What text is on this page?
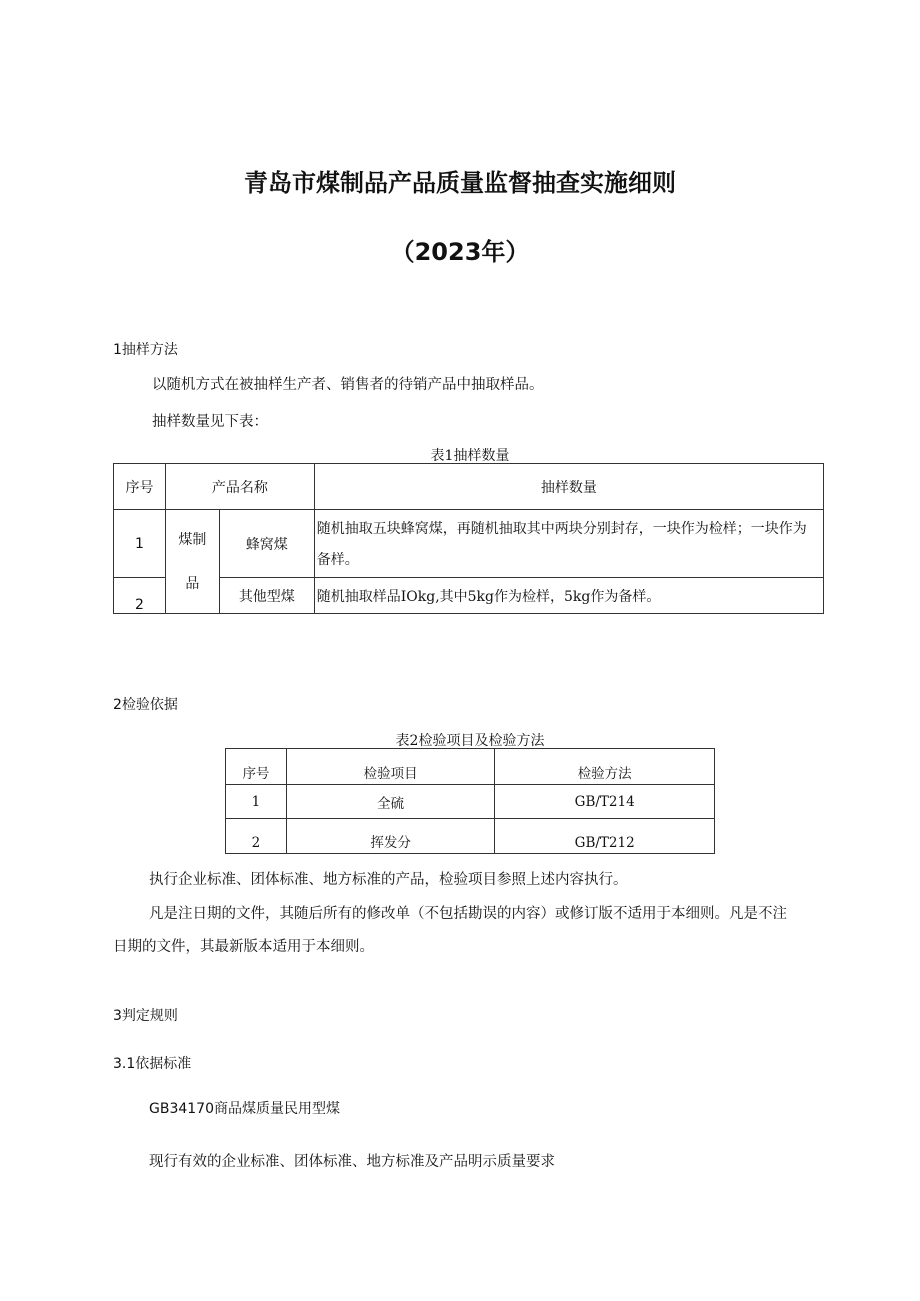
青岛市煤制品产品质量监督抽查实施细则
（2023年）
1抽样方法

以随机方式在被抽样生产者、销售者的待销产品中抽取样品。

抽样数量见下表：

表1抽样数量
序号	产品名称		抽样数量
1	煤制品	蜂窝煤	随机抽取五块蜂窝煤，再随机抽取其中两块分别封存，一块作为检样；一块作为备样。
2		其他型煤	随机抽取样品IOkg,其中5kg作为检样，5kg作为备样。
2检验依据
表2检验项目及检验方法
序号	检验项目	检验方法
1	全硫	GB/T214
2	挥发分	GB/T212

执行企业标准、团体标准、地方标准的产品，检验项目参照上述内容执行。

凡是注日期的文件，其随后所有的修改单（不包括勘误的内容）或修订版不适用于本细则。凡是不注

日期的文件，其最新版本适用于本细则。

3判定规则
3.1依据标准

GB34170商品煤质量民用型煤

现行有效的企业标准、团体标准、地方标准及产品明示质量要求
